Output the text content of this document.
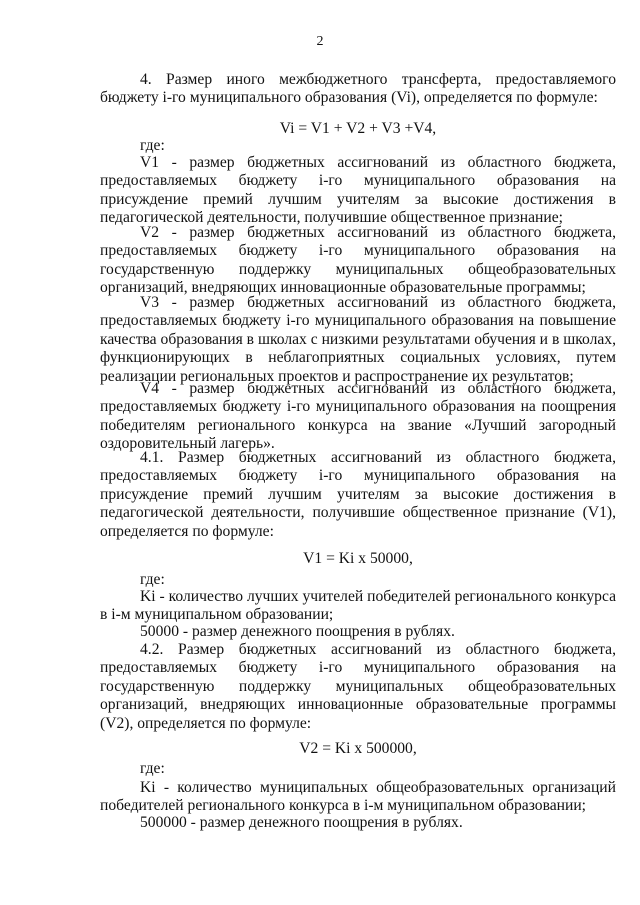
2

4. Размер иного межбюджетного трансферта, предоставляемого бюджету i-го муниципального образования (Vi), определяется по формуле:

Vi = V1 + V2 + V3 +V4,

где:

V1 - размер бюджетных ассигнований из областного бюджета, предоставляемых бюджету i-го муниципального образования на присуждение премий лучшим учителям за высокие достижения в педагогической деятельности, получившие общественное признание;

V2 - размер бюджетных ассигнований из областного бюджета, предоставляемых бюджету i-го муниципального образования на государственную поддержку муниципальных общеобразовательных организаций, внедряющих инновационные образовательные программы;

V3 - размер бюджетных ассигнований из областного бюджета, предоставляемых бюджету i-го муниципального образования на повышение качества образования в школах с низкими результатами обучения и в школах, функционирующих в неблагоприятных социальных условиях, путем реализации региональных проектов и распространение их результатов;

V4 - размер бюджетных ассигнований из областного бюджета, предоставляемых бюджету i-го муниципального образования на поощрения победителям регионального конкурса на звание «Лучший загородный оздоровительный лагерь».

4.1. Размер бюджетных ассигнований из областного бюджета, предоставляемых бюджету i-го муниципального образования на присуждение премий лучшим учителям за высокие достижения в педагогической деятельности, получившие общественное признание (V1), определяется по формуле:

V1 = Ki x 50000,

где:

Ki - количество лучших учителей победителей регионального конкурса в i-м муниципальном образовании;

50000 - размер денежного поощрения в рублях.

4.2. Размер бюджетных ассигнований из областного бюджета, предоставляемых бюджету i-го муниципального образования на государственную поддержку муниципальных общеобразовательных организаций, внедряющих инновационные образовательные программы (V2), определяется по формуле:

V2 = Ki x 500000,

где:

Ki - количество муниципальных общеобразовательных организаций победителей регионального конкурса в i-м муниципальном образовании;

500000 - размер денежного поощрения в рублях.
